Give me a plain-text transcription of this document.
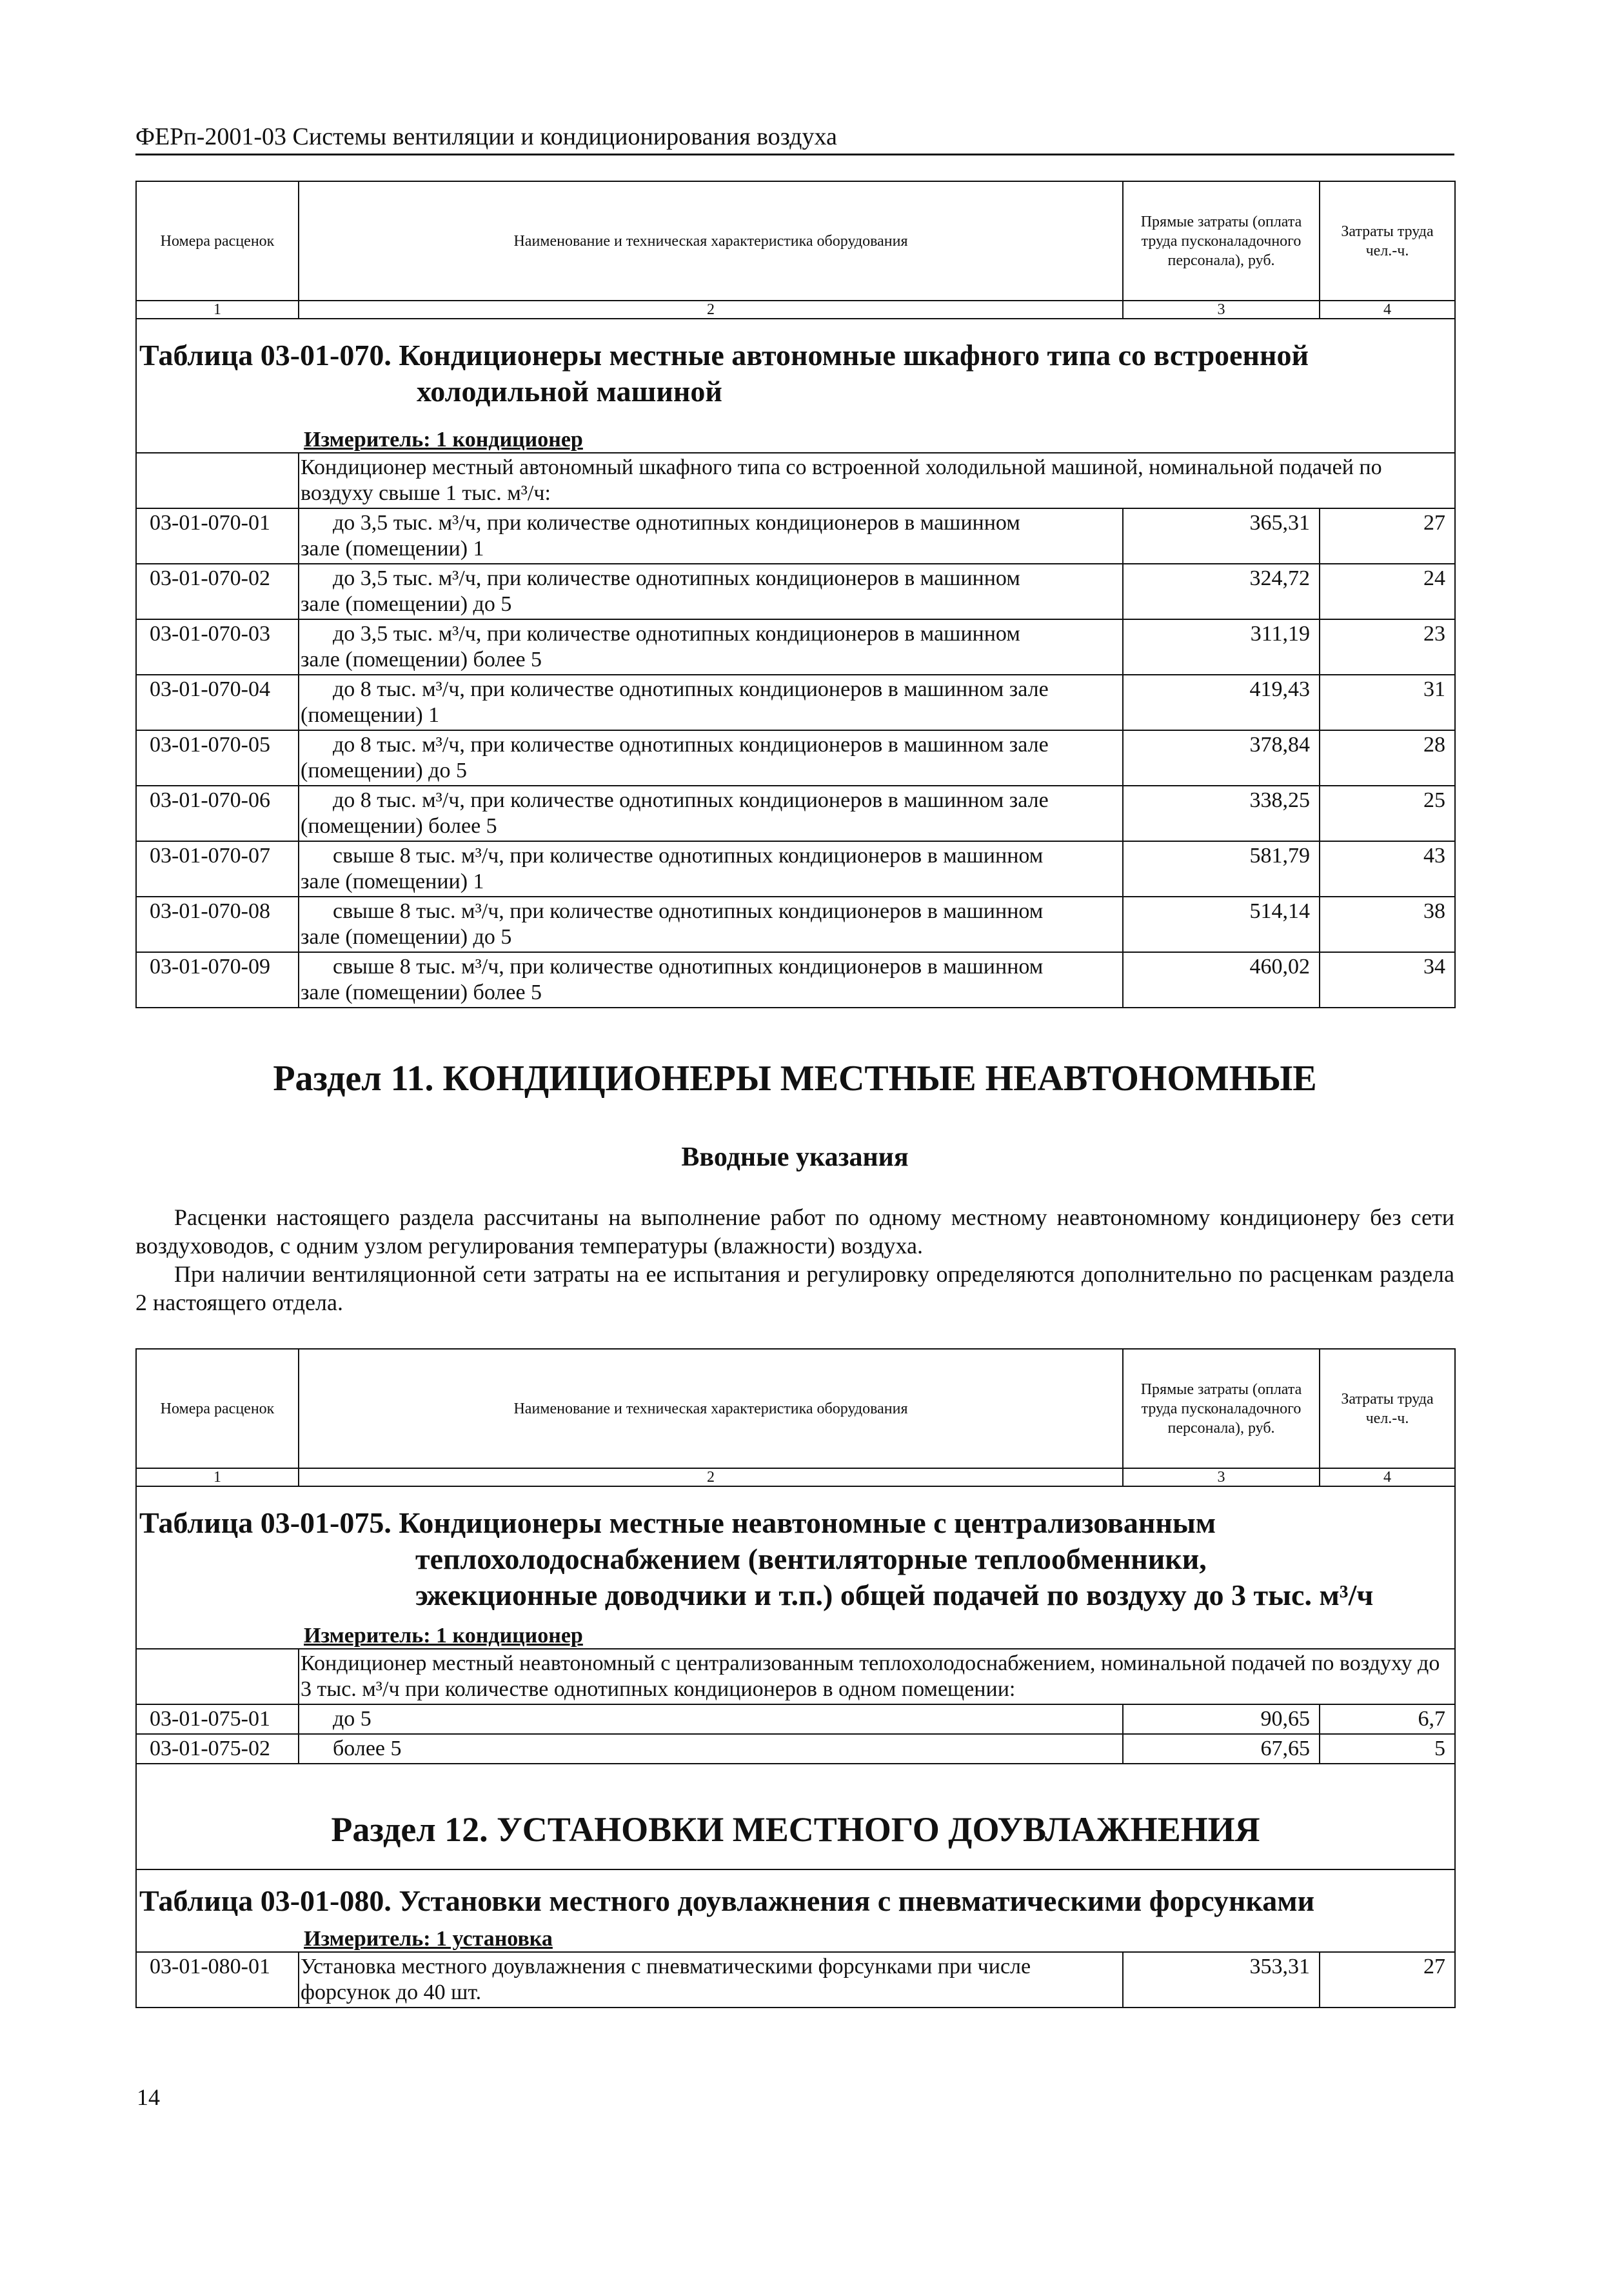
ФЕРп-2001-03 Системы вентиляции и кондиционирования воздуха
Номера расценок	Наименование и техническая характеристика оборудования	Прямые затраты (оплата труда пусконаладочного персонала), руб.	Затраты труда чел.-ч.
1	2	3	4

Таблица 03-01-070. Кондиционеры местные автономные шкафного типа со встроенной
холодильной машиной
Измеритель: 1 кондиционер			

	Кондиционер местный автономный шкафного типа со встроенной холодильной машиной, номинальной подачей по воздуху свыше 1 тыс. м³/ч:		
03-01-070-01	до 3,5 тыс. м³/ч, при количестве однотипных кондиционеров в машинном
зале (помещении) 1	365,31	27
03-01-070-02	до 3,5 тыс. м³/ч, при количестве однотипных кондиционеров в машинном
зале (помещении) до 5	324,72	24
03-01-070-03	до 3,5 тыс. м³/ч, при количестве однотипных кондиционеров в машинном
зале (помещении) более 5	311,19	23
03-01-070-04	до 8 тыс. м³/ч, при количестве однотипных кондиционеров в машинном зале
(помещении) 1	419,43	31
03-01-070-05	до 8 тыс. м³/ч, при количестве однотипных кондиционеров в машинном зале
(помещении) до 5	378,84	28
03-01-070-06	до 8 тыс. м³/ч, при количестве однотипных кондиционеров в машинном зале
(помещении) более 5	338,25	25
03-01-070-07	свыше 8 тыс. м³/ч, при количестве однотипных кондиционеров в машинном
зале (помещении) 1	581,79	43
03-01-070-08	свыше 8 тыс. м³/ч, при количестве однотипных кондиционеров в машинном
зале (помещении) до 5	514,14	38
03-01-070-09	свыше 8 тыс. м³/ч, при количестве однотипных кондиционеров в машинном
зале (помещении) более 5	460,02	34
Раздел 11. КОНДИЦИОНЕРЫ МЕСТНЫЕ НЕАВТОНОМНЫЕ
Вводные указания
Расценки настоящего раздела рассчитаны на выполнение работ по одному местному неавтономному кондиционеру без сети воздуховодов, с одним узлом регулирования температуры (влажности) воздуха.
При наличии вентиляционной сети затраты на ее испытания и регулировку определяются дополнительно по расценкам раздела 2 настоящего отдела.
Номера расценок	Наименование и техническая характеристика оборудования	Прямые затраты (оплата труда пусконаладочного персонала), руб.	Затраты труда чел.-ч.
1	2	3	4

Таблица 03-01-075. Кондиционеры местные неавтономные с централизованным
теплохолодоснабжением (вентиляторные теплообменники,
эжекционные доводчики и т.п.) общей подачей по воздуху до 3 тыс. м³/ч
Измеритель: 1 кондиционер			

	Кондиционер местный неавтономный с централизованным теплохолодоснабжением, номинальной подачей по воздуху до 3 тыс. м³/ч при количестве однотипных кондиционеров в одном помещении:		
03-01-075-01	до 5	90,65	6,7
03-01-075-02	более 5	67,65	5

Раздел 12. УСТАНОВКИ МЕСТНОГО ДОУВЛАЖНЕНИЯ			

Таблица 03-01-080. Установки местного доувлажнения с пневматическими форсунками
Измеритель: 1 установка			

03-01-080-01	Установка местного доувлажнения с пневматическими форсунками при числе
форсунок до 40 шт.	353,31	27
14
